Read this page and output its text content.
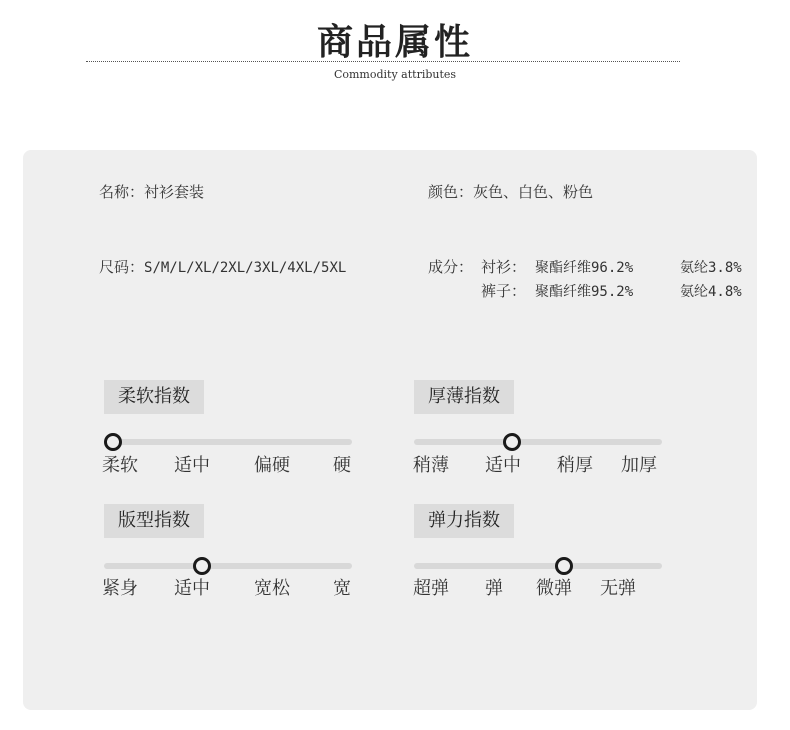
商品属性
Commodity attributes
名称：衬衫套装	颜色：灰色、白色、粉色
尺码：S/M/L/XL/2XL/3XL/4XL/5XL	成分： 衬衫： 聚酯纤维96.2%	氨纶3.8%
裤子： 聚酯纤维95.2%	氨纶4.8%
柔软指数
柔软 适中 偏硬 硬
厚薄指数
稍薄 适中 稍厚 加厚
版型指数
紧身 适中 宽松 宽
弹力指数
超弹 弹 微弹 无弹
